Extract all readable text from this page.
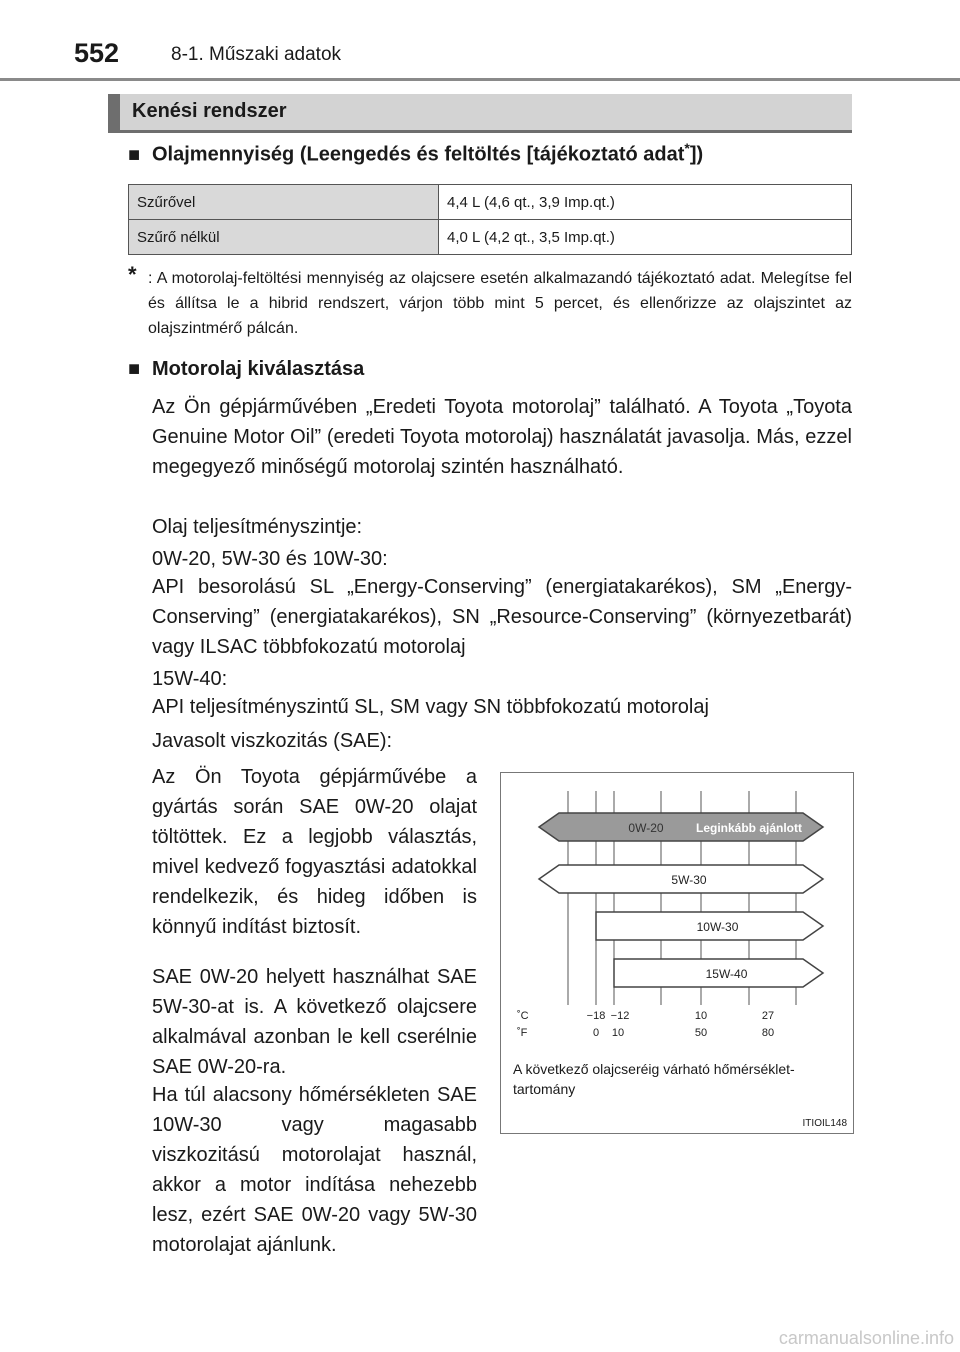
552	8-1. Műszaki adatok
Kenési rendszer
■ Olajmennyiség (Leengedés és feltöltés [tájékoztató adat*])
Szűrővel	4,4 L (4,6 qt., 3,9 Imp.qt.)
Szűrő nélkül	4,0 L (4,2 qt., 3,5 Imp.qt.)
* : A motorolaj-feltöltési mennyiség az olajcsere esetén alkalmazandó tájékoztató adat. Melegítse fel és állítsa le a hibrid rendszert, várjon több mint 5 percet, és ellenőrizze az olajszintet az olajszintmérő pálcán.
■ Motorolaj kiválasztása
Az Ön gépjárművében „Eredeti Toyota motorolaj” található. A Toyota „Toyota Genuine Motor Oil” (eredeti Toyota motorolaj) használatát javasolja. Más, ezzel megegyező minőségű motorolaj szintén használható.
Olaj teljesítményszintje:
0W-20, 5W-30 és 10W-30:
API besorolású SL „Energy-Conserving” (energiatakarékos), SM „Energy-Conserving” (energiatakarékos), SN „Resource-Conserving” (környezetbarát) vagy ILSAC többfokozatú motorolaj
15W-40:
API teljesítményszintű SL, SM vagy SN többfokozatú motorolaj
Javasolt viszkozitás (SAE):
Az Ön Toyota gépjárművébe a gyártás során SAE 0W-20 olajat töltöttek. Ez a legjobb választás, mivel kedvező fogyasztási adatokkal rendelkezik, és hideg időben is könnyű indítást biztosít.
SAE 0W-20 helyett használhat SAE 5W-30-at is. A következő olajcsere alkalmával azonban le kell cserélnie SAE 0W-20-ra.
Ha túl alacsony hőmérsékleten SAE 10W-30 vagy magasabb viszkozitású motorolajat használ, akkor a motor indítása nehezebb lesz, ezért SAE 0W-20 vagy 5W-30 motorolajat ajánlunk.
0W-20	Leginkább ajánlott
5W-30
10W-30
15W-40
˚C
˚F
−18 −12	10	27
0 10	50	80
A következő olajcseréig várható hőmérséklet-tartomány
ITIOIL148
carmanualsonline.info
